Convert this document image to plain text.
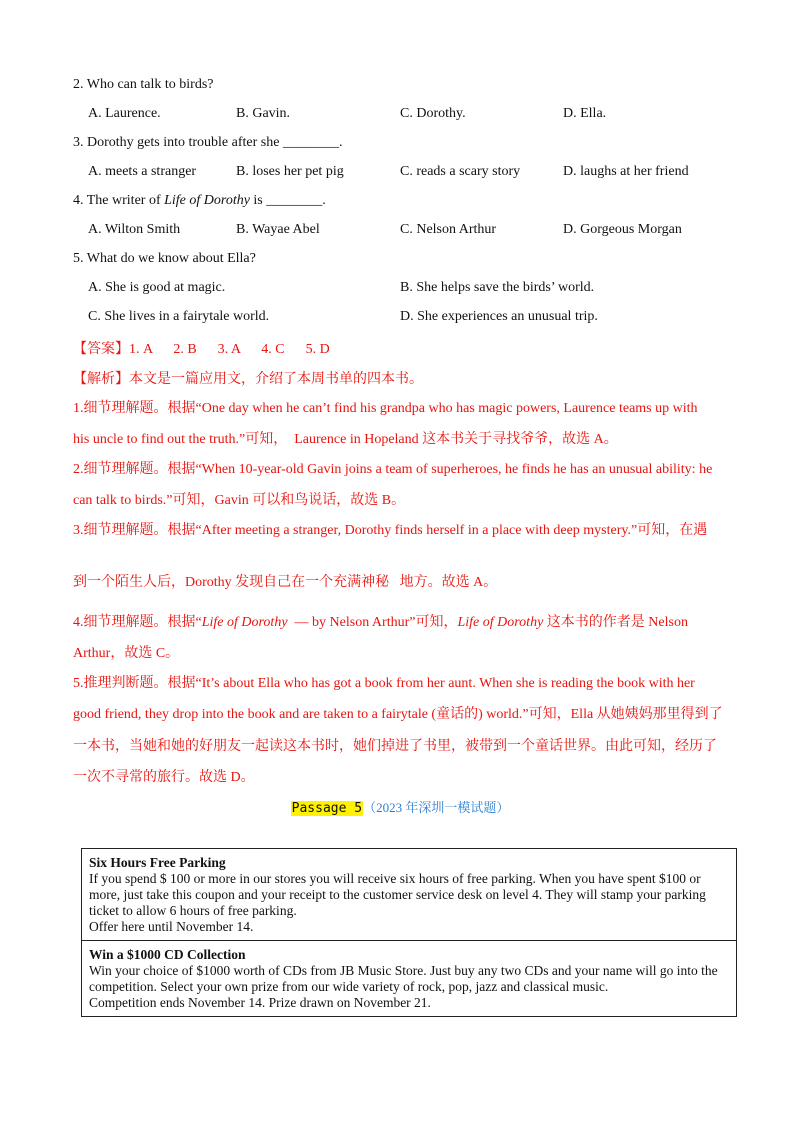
2. Who can talk to birds?
A. Laurence.	B. Gavin.	C. Dorothy.	D. Ella.
3. Dorothy gets into trouble after she ________.
A. meets a stranger	B. loses her pet pig	C. reads a scary story	D. laughs at her friend
4. The writer of Life of Dorothy is ________.
A. Wilton Smith	B. Wayae Abel	C. Nelson Arthur	D. Gorgeous Morgan
5. What do we know about Ella?
A. She is good at magic.	B. She helps save the birds’ world.
C. She lives in a fairytale world.	D. She experiences an unusual trip.
【答案】1. A      2. B      3. A      4. C      5. D
【解析】本文是一篇应用文，介绍了本周书单的四本书。
1.细节理解题。根据“One day when he can’t find his grandpa who has magic powers, Laurence teams up with
his uncle to find out the truth.”可知，  Laurence in Hopeland 这本书关于寻找爷爷，故选 A。
2.细节理解题。根据“When 10-year-old Gavin joins a team of superheroes, he finds he has an unusual ability: he
can talk to birds.”可知，Gavin 可以和鸟说话，故选 B。
3.细节理解题。根据“After meeting a stranger, Dorothy finds herself in a place with deep mystery.”可知，在遇
到一个陌生人后，Dorothy 发现自己在一个充满神秘   地方。故选 A。
4.细节理解题。根据“Life of Dorothy  — by Nelson Arthur”可知，Life of Dorothy 这本书的作者是 Nelson
Arthur，故选 C。
5.推理判断题。根据“It’s about Ella who has got a book from her aunt. When she is reading the book with her
good friend, they drop into the book and are taken to a fairytale (童话的) world.”可知，Ella 从她姨妈那里得到了
一本书，当她和她的好朋友一起读这本书时，她们掉进了书里，被带到一个童话世界。由此可知，经历了
一次不寻常的旅行。故选 D。
Passage 5（2023 年深圳一模试题）
Six Hours Free Parking
If you spend $ 100 or more in our stores you will receive six hours of free parking. When you have spent $100 or more, just take this coupon and your receipt to the customer service desk on level 4. They will stamp your parking ticket to allow 6 hours of free parking.
Offer here until November 14.

Win a $1000 CD Collection
Win your choice of $1000 worth of CDs from JB Music Store. Just buy any two CDs and your name will go into the competition. Select your own prize from our wide variety of rock, pop, jazz and classical music.
Competition ends November 14. Prize drawn on November 21.
